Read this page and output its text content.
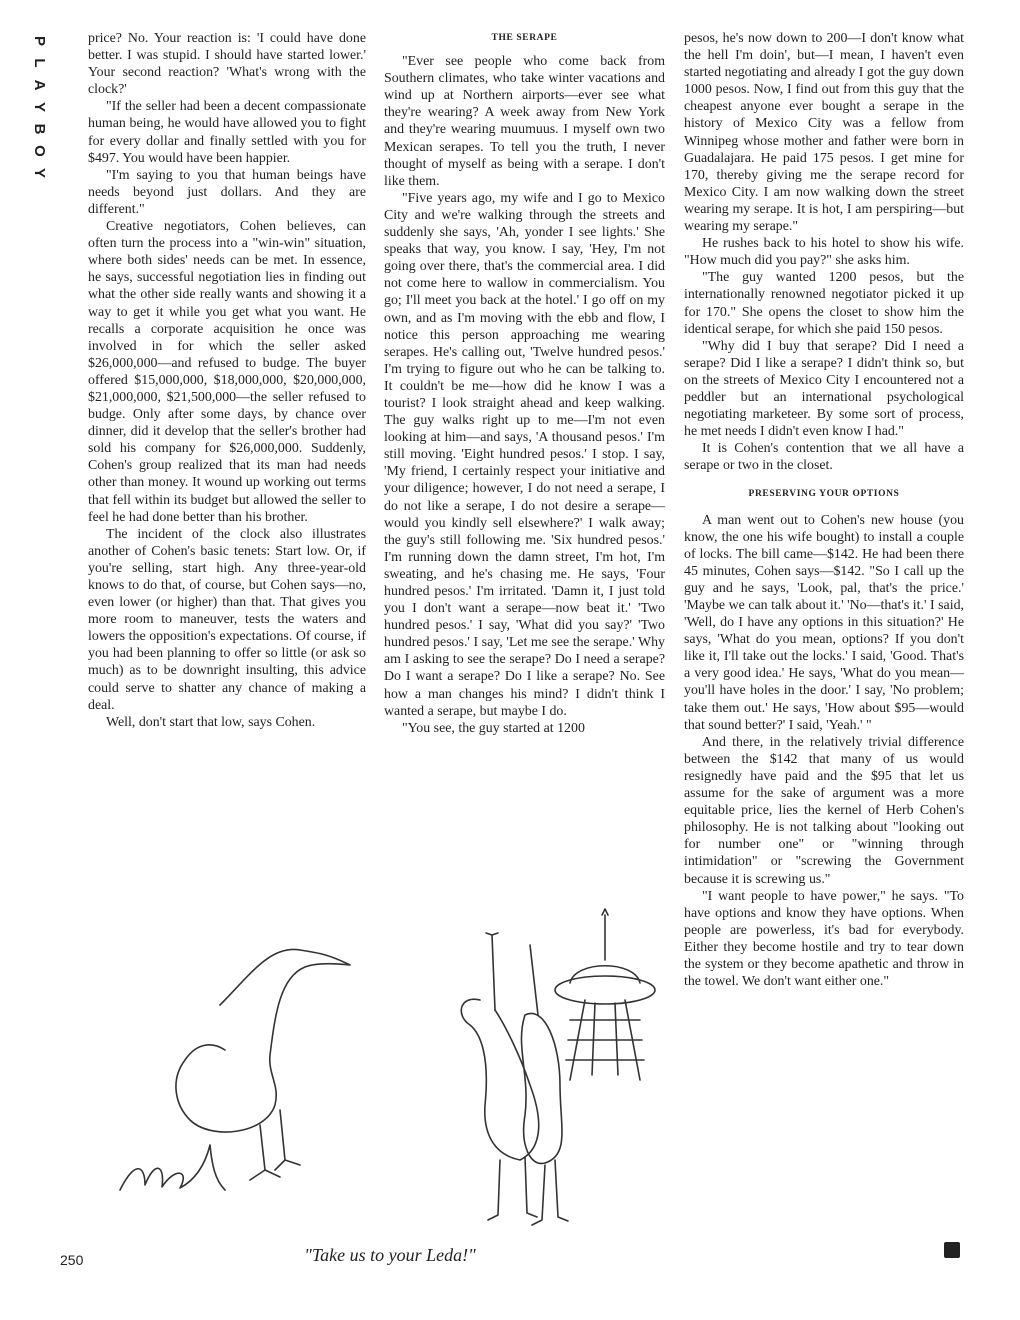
P
L
A
Y
B
O
Y

price? No. Your reaction is: 'I could have done better. I was stupid. I should have started lower.' Your second reaction? 'What's wrong with the clock?'

"If the seller had been a decent compassionate human being, he would have allowed you to fight for every dollar and finally settled with you for $497. You would have been happier.

"I'm saying to you that human beings have needs beyond just dollars. And they are different."

Creative negotiators, Cohen believes, can often turn the process into a "win-win" situation, where both sides' needs can be met. In essence, he says, successful negotiation lies in finding out what the other side really wants and showing it a way to get it while you get what you want. He recalls a corporate acquisition he once was involved in for which the seller asked $26,000,000—and refused to budge. The buyer offered $15,000,000, $18,000,000, $20,000,000, $21,000,000, $21,500,000—the seller refused to budge. Only after some days, by chance over dinner, did it develop that the seller's brother had sold his company for $26,000,000. Suddenly, Cohen's group realized that its man had needs other than money. It wound up working out terms that fell within its budget but allowed the seller to feel he had done better than his brother.

The incident of the clock also illustrates another of Cohen's basic tenets: Start low. Or, if you're selling, start high. Any three-year-old knows to do that, of course, but Cohen says—no, even lower (or higher) than that. That gives you more room to maneuver, tests the waters and lowers the opposition's expectations. Of course, if you had been planning to offer so little (or ask so much) as to be downright insulting, this advice could serve to shatter any chance of making a deal.

Well, don't start that low, says Cohen.

THE SERAPE

"Ever see people who come back from Southern climates, who take winter vacations and wind up at Northern airports—ever see what they're wearing? A week away from New York and they're wearing muumuus. I myself own two Mexican serapes. To tell you the truth, I never thought of myself as being with a serape. I don't like them.

"Five years ago, my wife and I go to Mexico City and we're walking through the streets and suddenly she says, 'Ah, yonder I see lights.' She speaks that way, you know. I say, 'Hey, I'm not going over there, that's the commercial area. I did not come here to wallow in commercialism. You go; I'll meet you back at the hotel.' I go off on my own, and as I'm moving with the ebb and flow, I notice this person approaching me wearing serapes. He's calling out, 'Twelve hundred pesos.' I'm trying to figure out who he can be talking to. It couldn't be me—how did he know I was a tourist? I look straight ahead and keep walking. The guy walks right up to me—I'm not even looking at him—and says, 'A thousand pesos.' I'm still moving. 'Eight hundred pesos.' I stop. I say, 'My friend, I certainly respect your initiative and your diligence; however, I do not need a serape, I do not like a serape, I do not desire a serape—would you kindly sell elsewhere?' I walk away; the guy's still following me. 'Six hundred pesos.' I'm running down the damn street, I'm hot, I'm sweating, and he's chasing me. He says, 'Four hundred pesos.' I'm irritated. 'Damn it, I just told you I don't want a serape—now beat it.' 'Two hundred pesos.' I say, 'What did you say?' 'Two hundred pesos.' I say, 'Let me see the serape.' Why am I asking to see the serape? Do I need a serape? Do I want a serape? Do I like a serape? No. See how a man changes his mind? I didn't think I wanted a serape, but maybe I do.

"You see, the guy started at 1200

pesos, he's now down to 200—I don't know what the hell I'm doin', but—I mean, I haven't even started negotiating and already I got the guy down 1000 pesos. Now, I find out from this guy that the cheapest anyone ever bought a serape in the history of Mexico City was a fellow from Winnipeg whose mother and father were born in Guadalajara. He paid 175 pesos. I get mine for 170, thereby giving me the serape record for Mexico City. I am now walking down the street wearing my serape. It is hot, I am perspiring—but wearing my serape."

He rushes back to his hotel to show his wife. "How much did you pay?" she asks him.

"The guy wanted 1200 pesos, but the internationally renowned negotiator picked it up for 170." She opens the closet to show him the identical serape, for which she paid 150 pesos.

"Why did I buy that serape? Did I need a serape? Did I like a serape? I didn't think so, but on the streets of Mexico City I encountered not a peddler but an international psychological negotiating marketeer. By some sort of process, he met needs I didn't even know I had."

It is Cohen's contention that we all have a serape or two in the closet.

PRESERVING YOUR OPTIONS

A man went out to Cohen's new house (you know, the one his wife bought) to install a couple of locks. The bill came—$142. He had been there 45 minutes, Cohen says—$142. "So I call up the guy and he says, 'Look, pal, that's the price.' 'Maybe we can talk about it.' 'No—that's it.' I said, 'Well, do I have any options in this situation?' He says, 'What do you mean, options? If you don't like it, I'll take out the locks.' I said, 'Good. That's a very good idea.' He says, 'What do you mean—you'll have holes in the door.' I say, 'No problem; take them out.' He says, 'How about $95—would that sound better?' I said, 'Yeah.' "

And there, in the relatively trivial difference between the $142 that many of us would resignedly have paid and the $95 that let us assume for the sake of argument was a more equitable price, lies the kernel of Herb Cohen's philosophy. He is not talking about "looking out for number one" or "winning through intimidation" or "screwing the Government because it is screwing us."

"I want people to have power," he says. "To have options and know they have options. When people are powerless, it's bad for everybody. Either they become hostile and try to tear down the system or they become apathetic and throw in the towel. We don't want either one."

"Take us to your Leda!"
250
